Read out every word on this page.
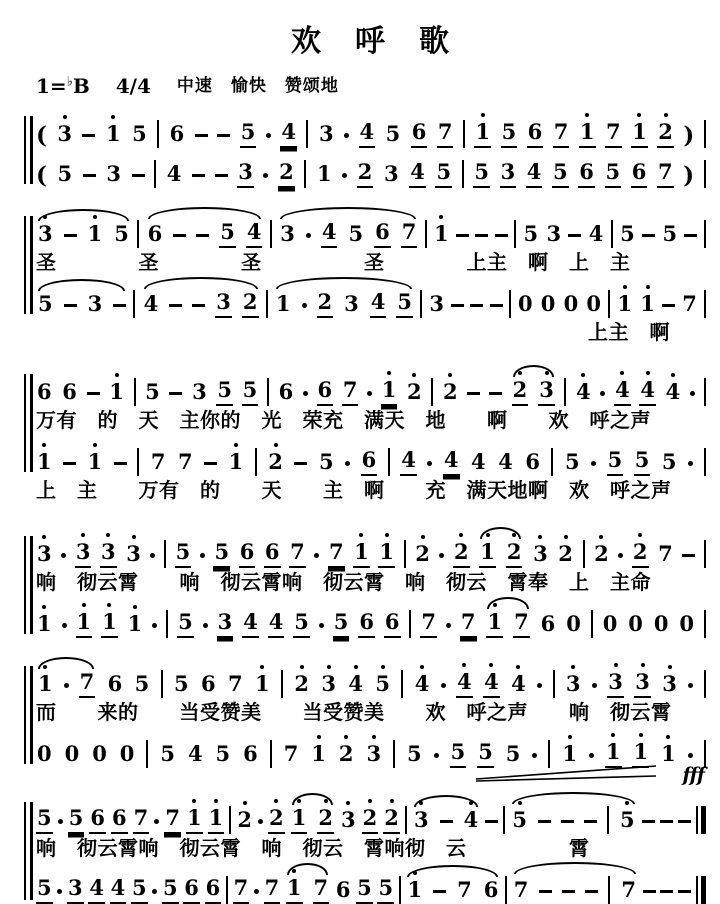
欢　呼　歌
1=♭B 4/4 中速　愉快　赞颂地
( 3 1 5 6	5 4 3 4 5 6 7 1 5 6 7 1 7 1 2 )
( 5 3 4	3 2 1 2 3 4 5 5 3 4 5 6 5 6 7 )
3 1 5 6	5 4 3 4 5 6 7 1	5 3 4 5 5
圣　　　　圣　　　　圣　　　　　圣　　　　上主　啊　上　主
5 3 4	3 2 1 2 3 4 5 3	0 0 0 0 1 1 7
上主　啊
6 6 1 5 3 5 5 6 6 7 1 2 2	2 3 4 4 4 4
万有　的　天　主你的　光　荣充　满天　地　　啊　　欢　呼之声
1 1 7 7 1 2 5 6 4 4 4 4 6 5 5 5 5
上　主　　万有　的　　天　　主　啊　　充　满天地啊　欢　呼之声
3 3 3 3 5 5 6 6 7 7 1 1 2 2 1 2 3 2 2 2 7
响　彻云霄　　响　彻云霄响　彻云霄　响　彻云　霄奉　上　主命
1 1 1 1 5 3 4 4 5 5 6 6 7 7 1 7 6 0 0 0 0 0
1 7 6 5 5 6 7 1 2 3 4 5 4 4 4 4 3 3 3 3
而　　来的　　当受赞美　　当受赞美　　欢　呼之声　　响　彻云霄
0 0 0 0 5 4 5 6 7 1 2 3 5 5 5 5 1 1 1 1
fff
5 5 6 6 7 7 1 1 2 2 1 2 3 2 2 3 4 5	5
响　彻云霄响　彻云霄　响　彻云　霄响彻　云　　　　　霄
5 3 4 4 5 5 6 6 7 7 1 7 6 5 5 1 7 6 7	7
